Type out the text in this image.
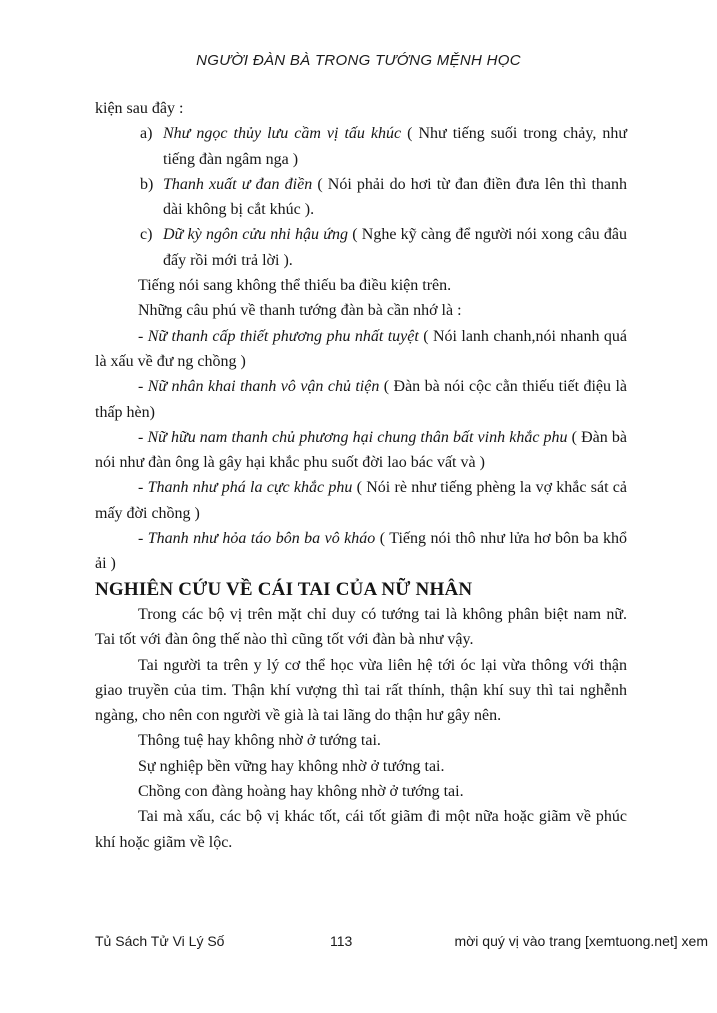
NGƯỜI ĐÀN BÀ TRONG TƯỚNG MỆNH HỌC

kiện sau đây :

a) Như ngọc thủy lưu cầm vị tấu khúc ( Như tiếng suối trong chảy, như tiếng đàn ngâm nga )
b) Thanh xuất ư đan điền ( Nói phải do hơi từ đan điền đưa lên thì thanh dài không bị cắt khúc ).
c) Dữ kỳ ngôn cửu nhi hậu ứng ( Nghe kỹ càng để người nói xong câu đâu đấy rồi mới trả lời ).

Tiếng nói sang không thể thiếu ba điều kiện trên.

Những câu phú về thanh tướng đàn bà cần nhớ là :

- Nữ thanh cấp thiết phương phu nhất tuyệt ( Nói lanh chanh,nói nhanh quá là xấu về đư ng chồng )

- Nữ nhân khai thanh vô vận chủ tiện ( Đàn bà nói cộc cằn thiếu tiết điệu là thấp hèn)

- Nữ hữu nam thanh chủ phương hại chung thân bất vinh khắc phu ( Đàn bà nói như đàn ông là gây hại khắc phu suốt đời lao bác vất và )

- Thanh như phá la cực khắc phu ( Nói rè như tiếng phèng la vợ khắc sát cả mấy đời chồng )

- Thanh như hỏa táo bôn ba vô kháo ( Tiếng nói thô như lửa hơ bôn ba khổ ải )

NGHIÊN CỨU VỀ CÁI TAI CỦA NỮ NHÂN

Trong các bộ vị trên mặt chỉ duy có tướng tai là không phân biệt nam nữ. Tai tốt với đàn ông thế nào thì cũng tốt với đàn bà như vậy.

Tai người ta trên y lý cơ thể học vừa liên hệ tới óc lại vừa thông với thận giao truyền của tim. Thận khí vượng thì tai rất thính, thận khí suy thì tai nghễnh ngàng, cho nên con người về già là tai lãng do thận hư gây nên.

Thông tuệ hay không nhờ ở tướng tai.

Sự nghiệp bền vững hay không nhờ ở tướng tai.

Chồng con đàng hoàng hay không nhờ ở tướng tai.

Tai mà xấu, các bộ vị khác tốt, cái tốt giãm đi một nữa hoặc giãm về phúc khí hoặc giãm về lộc.

Tủ Sách Tử Vi Lý Số	113	mời quý vị vào trang [xemtuong.net] xem
